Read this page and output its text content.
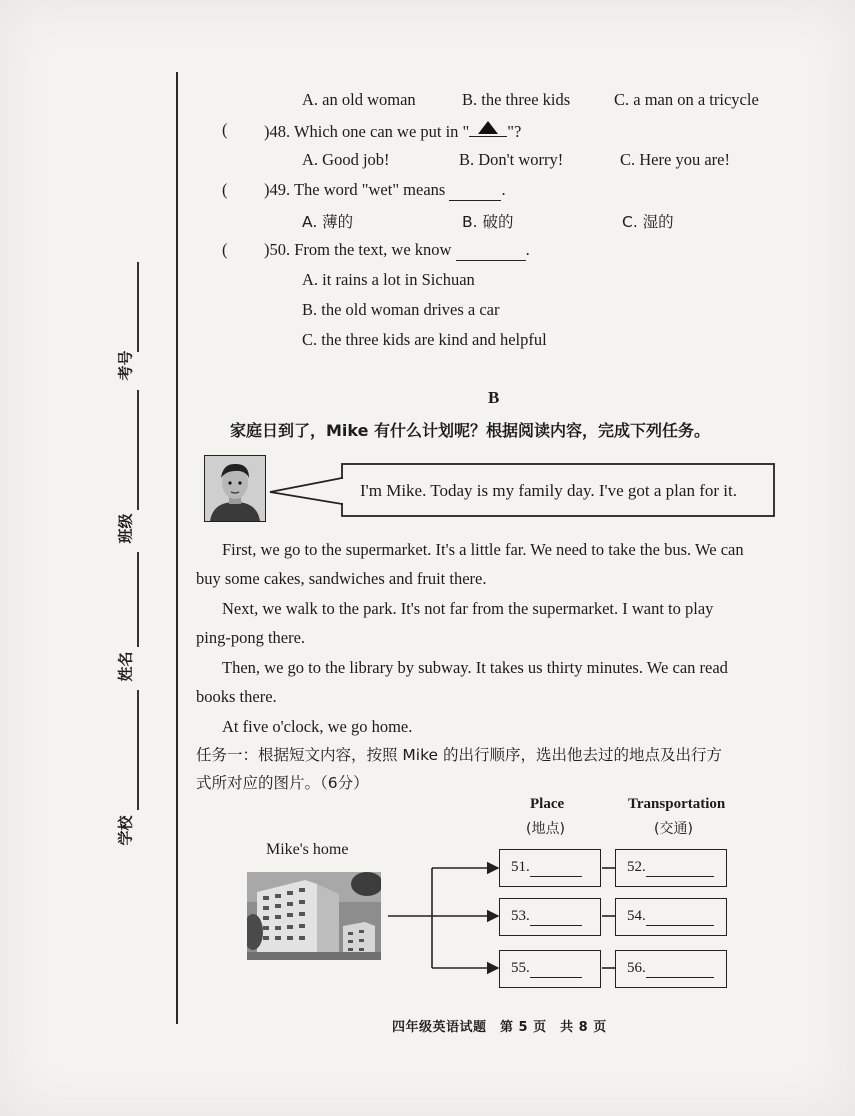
考号
班级
姓名
学校
A. an old woman	B. the three kids	C. a man on a tricycle
( )48. Which one can we put in " "?
A. Good job!	B. Don't worry!	C. Here you are!
( )49. The word "wet" means	.
A. 薄的	B. 破的	C. 湿的
( )50. From the text, we know	.
A. it rains a lot in Sichuan
B. the old woman drives a car
C. the three kids are kind and helpful
B
家庭日到了，Mike 有什么计划呢？根据阅读内容，完成下列任务。
I'm Mike. Today is my family day. I've got a plan for it.
First, we go to the supermarket. It's a little far. We need to take the bus. We can
buy some cakes, sandwiches and fruit there.
Next, we walk to the park. It's not far from the supermarket. I want to play
ping-pong there.
Then, we go to the library by subway. It takes us thirty minutes. We can read
books there.
At five o'clock, we go home.
任务一：根据短文内容，按照 Mike 的出行顺序，选出他去过的地点及出行方
式所对应的图片。（6分）
Place
(地点)
Transportation
(交通)
Mike's home
51.	52.
53.	54.
55.	56.
四年级英语试题　第 5 页　共 8 页
